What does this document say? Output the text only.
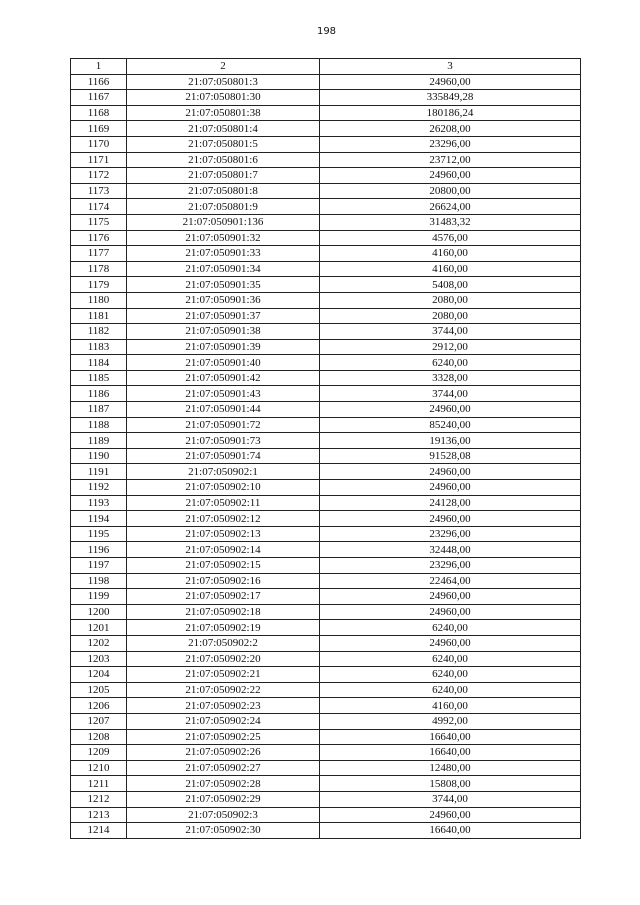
198
1	2	3
1166	21:07:050801:3	24960,00
1167	21:07:050801:30	335849,28
1168	21:07:050801:38	180186,24
1169	21:07:050801:4	26208,00
1170	21:07:050801:5	23296,00
1171	21:07:050801:6	23712,00
1172	21:07:050801:7	24960,00
1173	21:07:050801:8	20800,00
1174	21:07:050801:9	26624,00
1175	21:07:050901:136	31483,32
1176	21:07:050901:32	4576,00
1177	21:07:050901:33	4160,00
1178	21:07:050901:34	4160,00
1179	21:07:050901:35	5408,00
1180	21:07:050901:36	2080,00
1181	21:07:050901:37	2080,00
1182	21:07:050901:38	3744,00
1183	21:07:050901:39	2912,00
1184	21:07:050901:40	6240,00
1185	21:07:050901:42	3328,00
1186	21:07:050901:43	3744,00
1187	21:07:050901:44	24960,00
1188	21:07:050901:72	85240,00
1189	21:07:050901:73	19136,00
1190	21:07:050901:74	91528,08
1191	21:07:050902:1	24960,00
1192	21:07:050902:10	24960,00
1193	21:07:050902:11	24128,00
1194	21:07:050902:12	24960,00
1195	21:07:050902:13	23296,00
1196	21:07:050902:14	32448,00
1197	21:07:050902:15	23296,00
1198	21:07:050902:16	22464,00
1199	21:07:050902:17	24960,00
1200	21:07:050902:18	24960,00
1201	21:07:050902:19	6240,00
1202	21:07:050902:2	24960,00
1203	21:07:050902:20	6240,00
1204	21:07:050902:21	6240,00
1205	21:07:050902:22	6240,00
1206	21:07:050902:23	4160,00
1207	21:07:050902:24	4992,00
1208	21:07:050902:25	16640,00
1209	21:07:050902:26	16640,00
1210	21:07:050902:27	12480,00
1211	21:07:050902:28	15808,00
1212	21:07:050902:29	3744,00
1213	21:07:050902:3	24960,00
1214	21:07:050902:30	16640,00
